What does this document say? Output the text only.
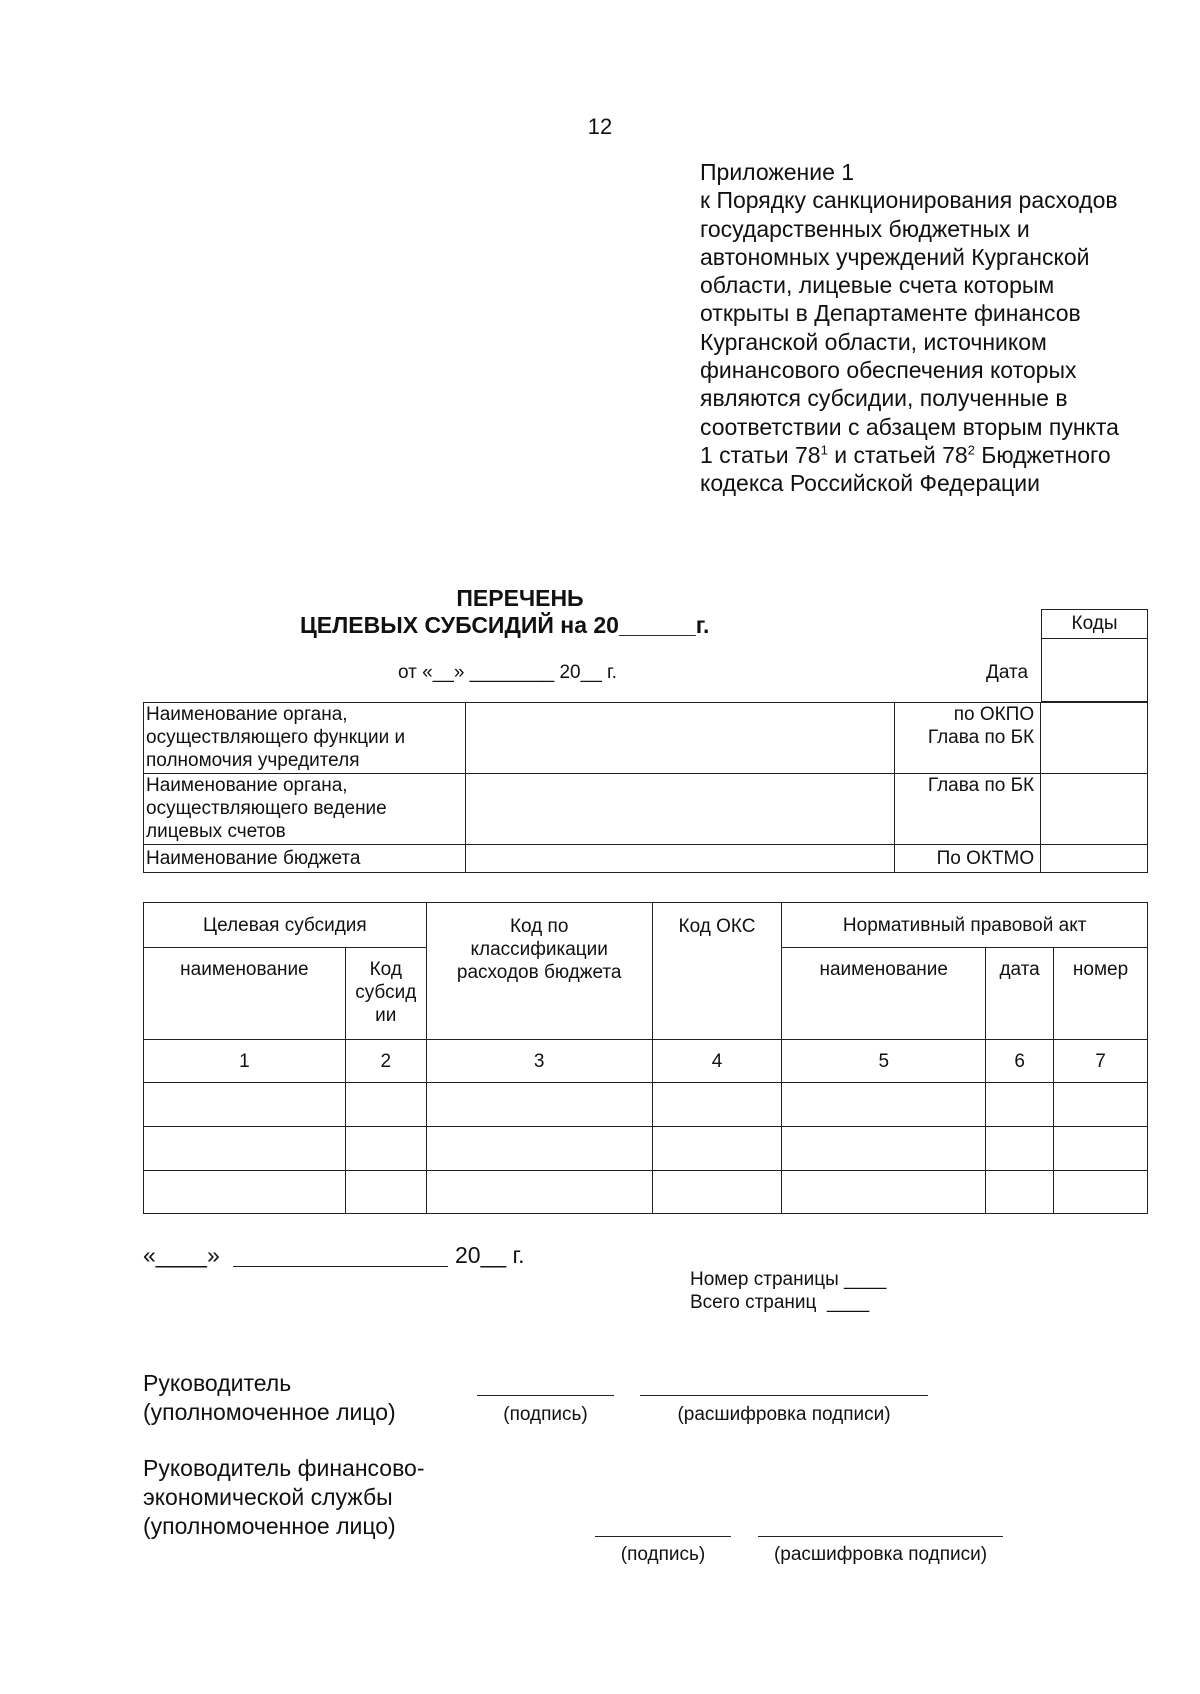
12
Приложение 1
к Порядку санкционирования расходов
государственных бюджетных и
автономных учреждений Курганской
области, лицевые счета которым
открыты в Департаменте финансов
Курганской области, источником
финансового обеспечения которых
являются субсидии, полученные в
соответствии с абзацем вторым пункта
1 статьи $78^1$ и статьей $78^2$ Бюджетного
кодекса Российской Федерации
ПЕРЕЧЕНЬ
ЦЕЛЕВЫХ СУБСИДИЙ на 20______г.
от «__» ________ 20__ г.	Дата
Коды

Наименование органа, осуществляющего функции и полномочия учредителя		по ОКПО
Глава по БК	
Наименование органа, осуществляющего ведение лицевых счетов		Глава по БК	
Наименование бюджета		По ОКТМО	
Целевая субсидия		Код по классификации расходов бюджета	Код ОКС	Нормативный правовой акт		
наименование	Код субсид ии			наименование	дата	номер
1	2	3	4	5	6	7

«____»	20__ г.
Номер страницы ____
Всего страниц  ____
Руководитель
(уполномоченное лицо)	(подпись)	(расшифровка подписи)
Руководитель финансово-
экономической службы
(уполномоченное лицо)
(подпись)	(расшифровка подписи)
